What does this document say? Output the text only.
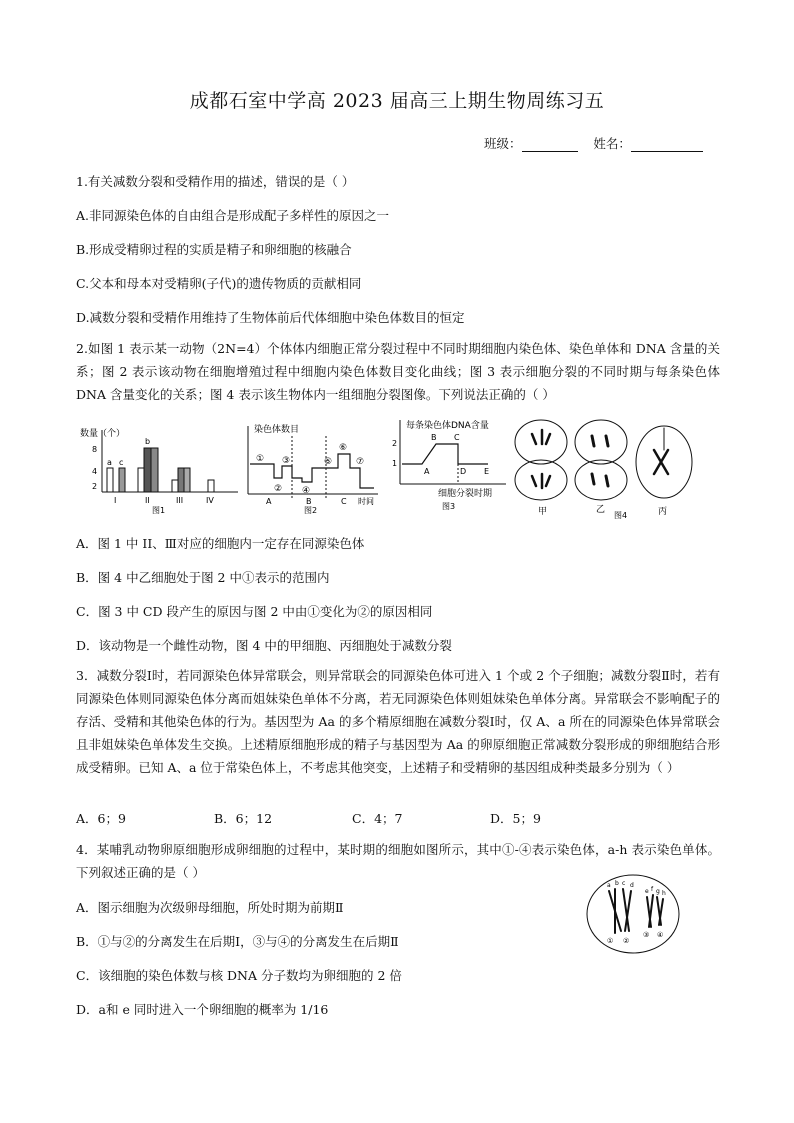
成都石室中学高 2023 届高三上期生物周练习五
班级：	姓名：
1.有关减数分裂和受精作用的描述，错误的是（ ）
A.非同源染色体的自由组合是形成配子多样性的原因之一
B.形成受精卵过程的实质是精子和卵细胞的核融合
C.父本和母本对受精卵(子代)的遗传物质的贡献相同
D.减数分裂和受精作用维持了生物体前后代体细胞中染色体数目的恒定
2.如图 1 表示某一动物（2N=4）个体体内细胞正常分裂过程中不同时期细胞内染色体、染色单体和 DNA 含量的关系；图 2 表示该动物在细胞增殖过程中细胞内染色体数目变化曲线；图 3 表示细胞分裂的不同时期与每条染色体 DNA 含量变化的关系；图 4 表示该生物体内一组细胞分裂图像。下列说法正确的（ ）
数量（个）
2
4
8
a c
b
I	II	III	IV
图1
染色体数目
①
②
③
④
⑤
⑥
⑦
A	B	C 时间
图2
每条染色体DNA含量
1
2
A
B C
D E
细胞分裂时期
图3
甲	乙	丙
图4
A．图 1 中 II、Ⅲ对应的细胞内一定存在同源染色体
B．图 4 中乙细胞处于图 2 中①表示的范围内
C．图 3 中 CD 段产生的原因与图 2 中由①变化为②的原因相同
D．该动物是一个雌性动物，图 4 中的甲细胞、丙细胞处于减数分裂
3．减数分裂Ⅰ时，若同源染色体异常联会，则异常联会的同源染色体可进入 1 个或 2 个子细胞；减数分裂Ⅱ时，若有同源染色体则同源染色体分离而姐妹染色单体不分离，若无同源染色体则姐妹染色单体分离。异常联会不影响配子的存活、受精和其他染色体的行为。基因型为 Aa 的多个精原细胞在减数分裂Ⅰ时，仅 A、a 所在的同源染色体异常联会且非姐妹染色单体发生交换。上述精原细胞形成的精子与基因型为 Aa 的卵原细胞正常减数分裂形成的卵细胞结合形成受精卵。已知 A、a 位于常染色体上，不考虑其他突变，上述精子和受精卵的基因组成种类最多分别为（ ）
A．6；9	B．6；12	C．4；7	D．5；9
4．某哺乳动物卵原细胞形成卵细胞的过程中，某时期的细胞如图所示，其中①-④表示染色体，a-h 表示染色单体。下列叙述正确的是（ ）
A．图示细胞为次级卵母细胞，所处时期为前期Ⅱ
B．①与②的分离发生在后期Ⅰ，③与④的分离发生在后期Ⅱ
C．该细胞的染色体数与核 DNA 分子数均为卵细胞的 2 倍
D．a和 e 同时进入一个卵细胞的概率为 1/16
a b c d
e f g h
① ②
③ ④
